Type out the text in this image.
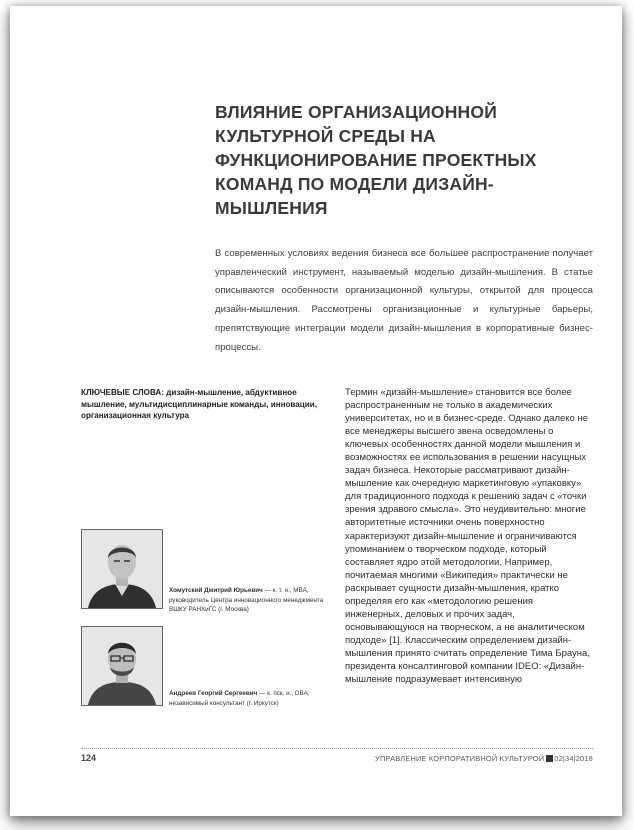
ВЛИЯНИЕ ОРГАНИЗАЦИОННОЙ КУЛЬТУРНОЙ СРЕДЫ НА ФУНКЦИОНИРОВАНИЕ ПРОЕКТНЫХ КОМАНД ПО МОДЕЛИ ДИЗАЙН-МЫШЛЕНИЯ

В современных условиях ведения бизнеса все большее распространение получает управленческий инструмент, называемый моделью дизайн-мышления. В статье описываются особенности организационной культуры, открытой для процесса дизайн-мышления. Рассмотрены организационные и культурные барьеры, препятствующие интеграции модели дизайн-мышления в корпоративные бизнес-процессы.

КЛЮЧЕВЫЕ СЛОВА: дизайн-мышление, абдуктивное мышление, мультидисциплинарные команды, инновации, организационная культура

Хомутский Дмитрий Юрьевич — к. т. н., MBA, руководитель Центра инновационного менеджмента ВШКУ РАНХиГС (г. Москва)

Андреев Георгий Сергеевич — к. пск. н., DBA, независимый консультант (г. Иркутск)

Термин «дизайн-мышление» становится все более распространенным не только в академических университетах, но и в бизнес-среде. Однако далеко не все менеджеры высшего звена осведомлены о ключевых особенностях данной модели мышления и возможностях ее использования в решении насущных задач бизнеса. Некоторые рассматривают дизайн-мышление как очередную маркетинговую «упаковку» для традиционного подхода к решению задач с «точки зрения здравого смысла». Это неудивительно: многие авторитетные источники очень поверхностно характеризуют дизайн-мышление и ограничиваются упоминанием о творческом подходе, который составляет ядро этой методологии. Например, почитаемая многими «Википедия» практически не раскрывает сущности дизайн-мышления, кратко определяя его как «методологию решения инженерных, деловых и прочих задач, основывающуюся на творческом, а не аналитическом подходе» [1]. Классическим определением дизайн-мышления принято считать определение Тима Брауна, президента консалтинговой компании IDEO: «Дизайн-мышление подразумевает интенсивную

124	УПРАВЛЕНИЕ КОРПОРАТИВНОЙ КУЛЬТУРОЙ 02|34|2018
